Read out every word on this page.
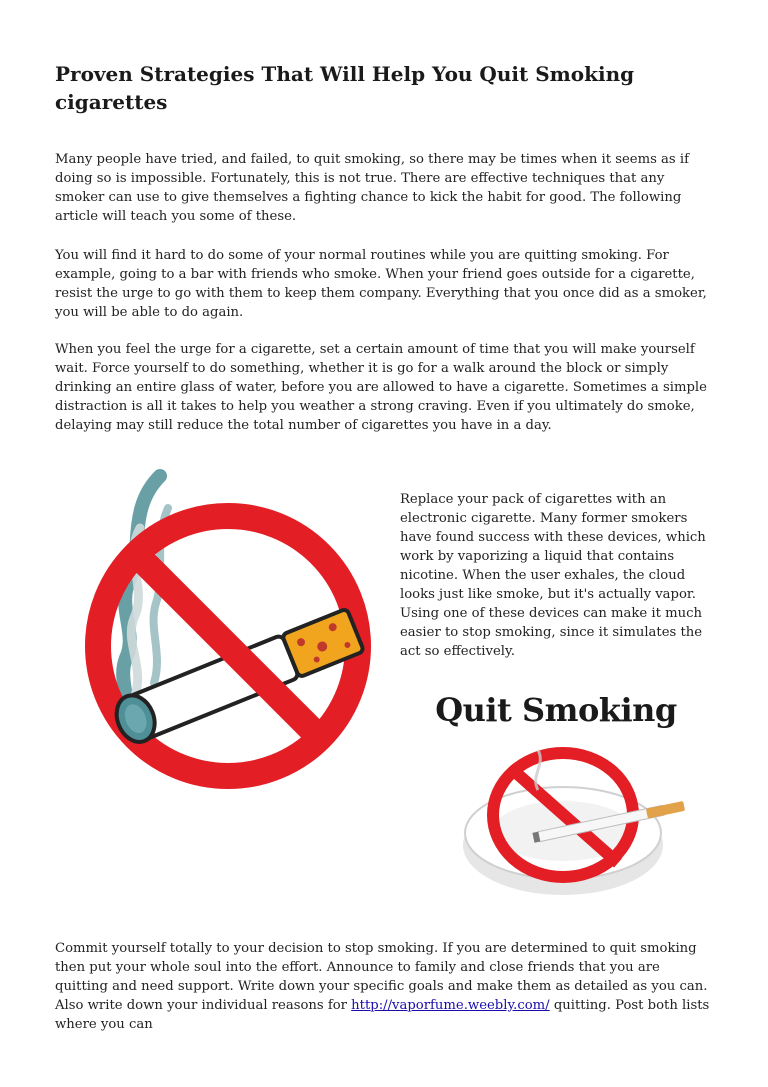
Proven Strategies That Will Help You Quit Smoking cigarettes

Many people have tried, and failed, to quit smoking, so there may be times when it seems as if doing so is impossible. Fortunately, this is not true. There are effective techniques that any smoker can use to give themselves a fighting chance to kick the habit for good. The following article will teach you some of these.

You will find it hard to do some of your normal routines while you are quitting smoking. For example, going to a bar with friends who smoke. When your friend goes outside for a cigarette, resist the urge to go with them to keep them company. Everything that you once did as a smoker, you will be able to do again.

When you feel the urge for a cigarette, set a certain amount of time that you will make yourself wait. Force yourself to do something, whether it is go for a walk around the block or simply drinking an entire glass of water, before you are allowed to have a cigarette. Sometimes a simple distraction is all it takes to help you weather a strong craving. Even if you ultimately do smoke, delaying may still reduce the total number of cigarettes you have in a day.

Replace your pack of cigarettes with an electronic cigarette. Many former smokers have found success with these devices, which work by vaporizing a liquid that contains nicotine. When the user exhales, the cloud looks just like smoke, but it's actually vapor. Using one of these devices can make it much easier to stop smoking, since it simulates the act so effectively.

Quit Smoking

Commit yourself totally to your decision to stop smoking. If you are determined to quit smoking then put your whole soul into the effort. Announce to family and close friends that you are quitting and need support. Write down your specific goals and make them as detailed as you can. Also write down your individual reasons for http://vaporfume.weebly.com/ quitting. Post both lists where you can
